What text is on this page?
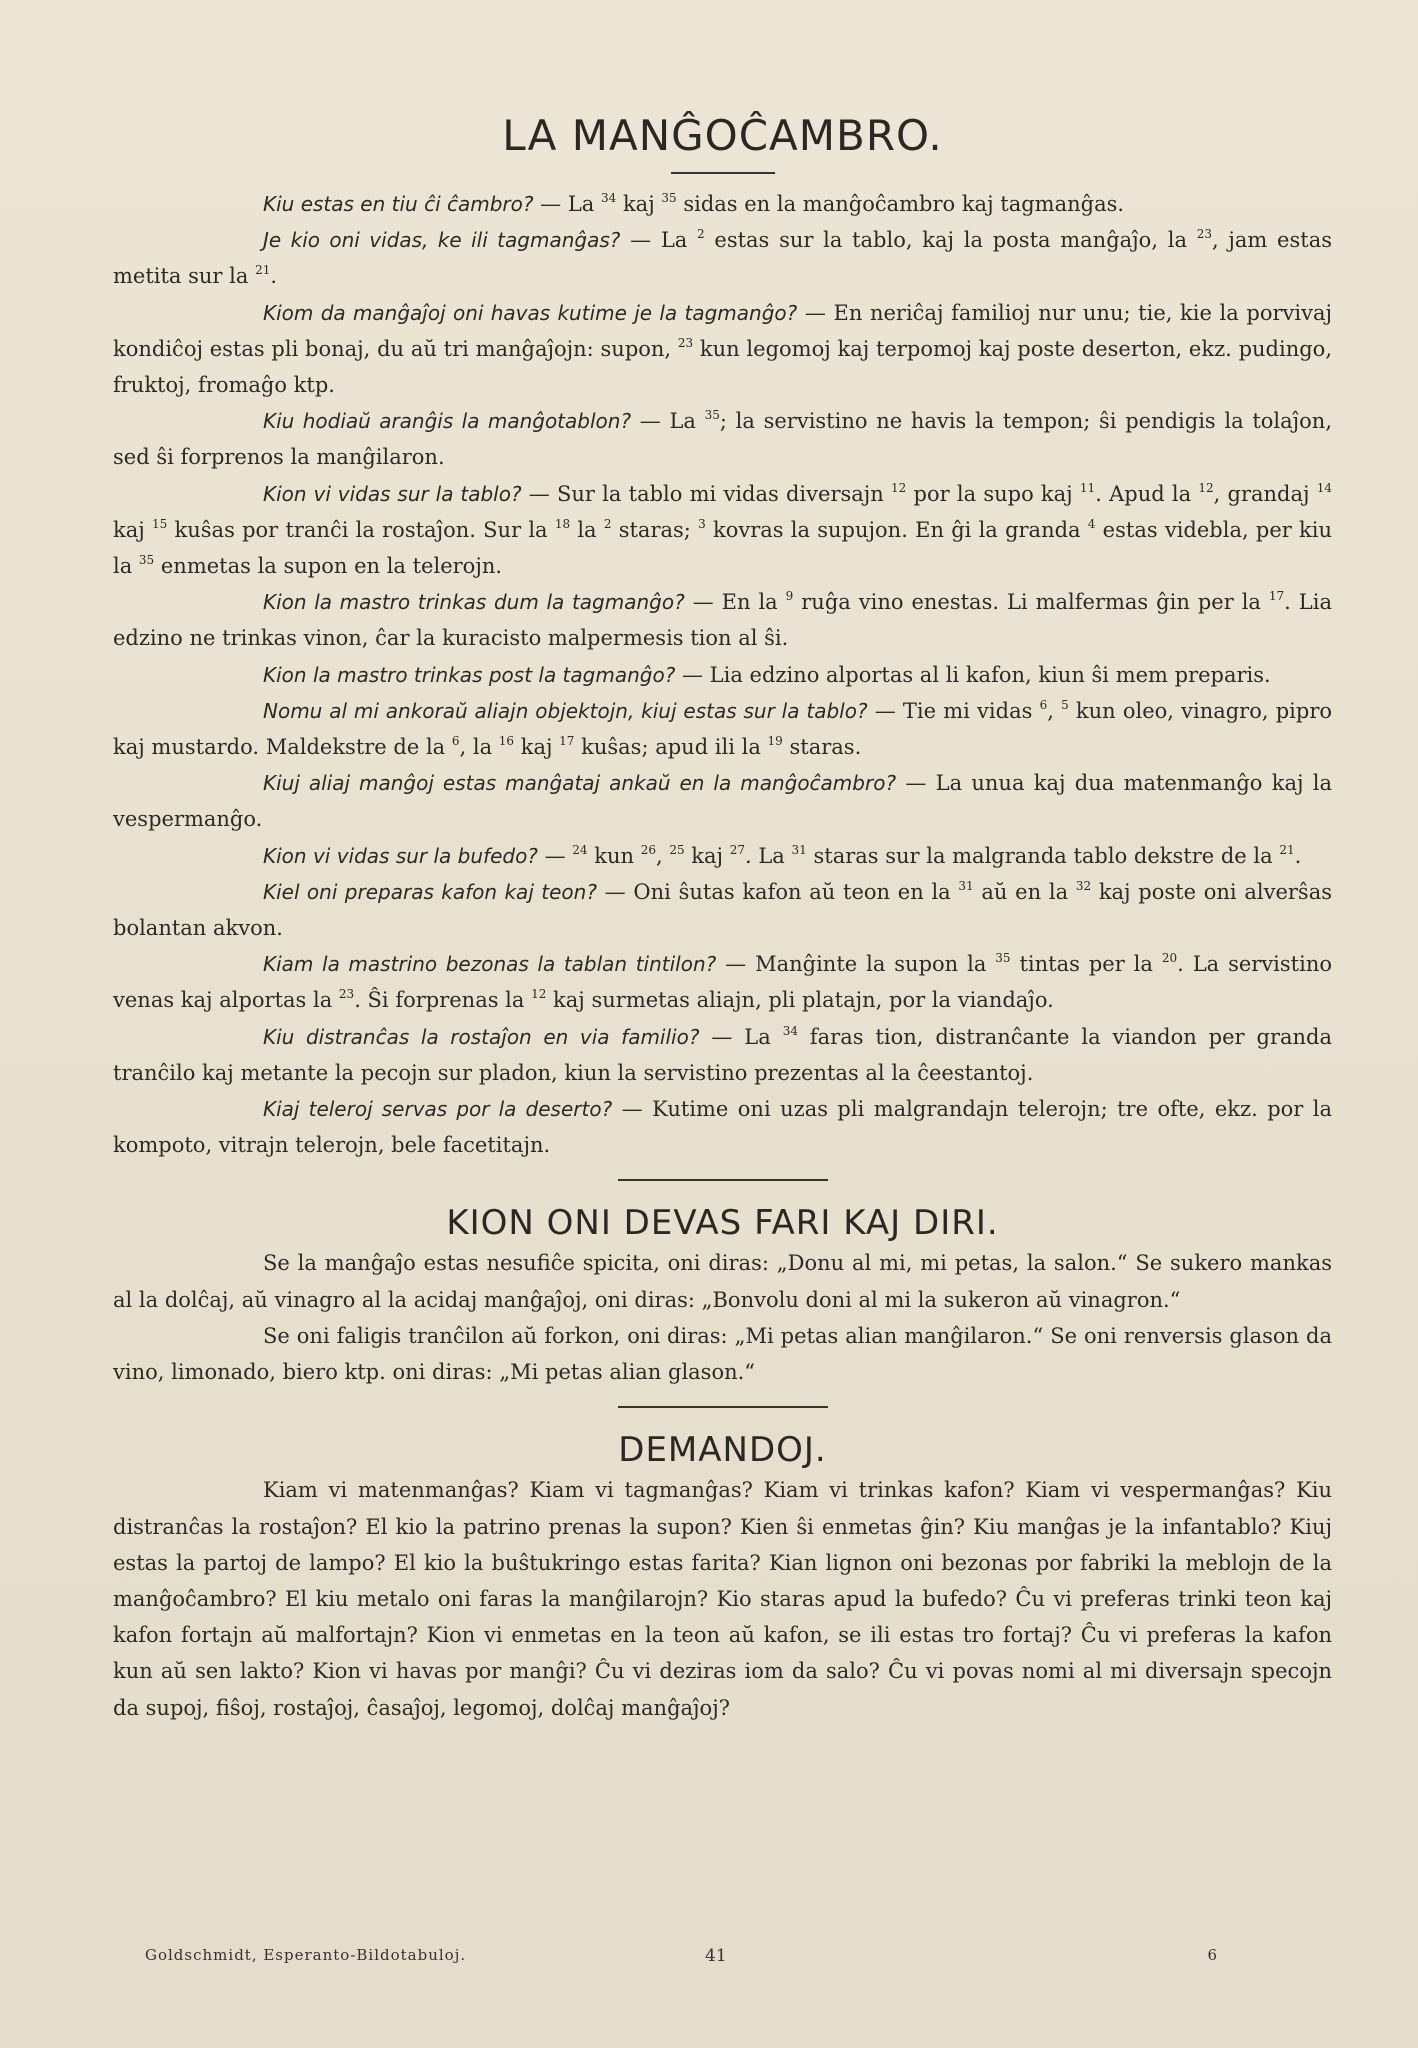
LA MANĜOĈAMBRO.

Kiu estas en tiu ĉi ĉambro? — La $^{34}$ kaj $^{35}$ sidas en la manĝoĉambro kaj tagmanĝas.

Je kio oni vidas, ke ili tagmanĝas? — La $^2$ estas sur la tablo, kaj la posta manĝaĵo, la $^{23}$, jam estas metita sur la $^{21}$.

Kiom da manĝaĵoj oni havas kutime je la tagmanĝo? — En neriĉaj familioj nur unu; tie, kie la porvivaj kondiĉoj estas pli bonaj, du aŭ tri manĝaĵojn: supon, $^{23}$ kun legomoj kaj terpomoj kaj poste deserton, ekz. pudingo, fruktoj, fromaĝo ktp.

Kiu hodiaŭ aranĝis la manĝotablon? — La $^{35}$; la servistino ne havis la tempon; ŝi pendigis la tolaĵon, sed ŝi forprenos la manĝilaron.

Kion vi vidas sur la tablo? — Sur la tablo mi vidas diversajn $^{12}$ por la supo kaj $^{11}$. Apud la $^{12}$, grandaj $^{14}$ kaj $^{15}$ kuŝas por tranĉi la rostaĵon. Sur la $^{18}$ la $^2$ staras; $^3$ kovras la supujon. En ĝi la granda $^4$ estas videbla, per kiu la $^{35}$ enmetas la supon en la telerojn.

Kion la mastro trinkas dum la tagmanĝo? — En la $^9$ ruĝa vino enestas. Li malfermas ĝin per la $^{17}$. Lia edzino ne trinkas vinon, ĉar la kuracisto malpermesis tion al ŝi.

Kion la mastro trinkas post la tagmanĝo? — Lia edzino alportas al li kafon, kiun ŝi mem preparis.

Nomu al mi ankoraŭ aliajn objektojn, kiuj estas sur la tablo? — Tie mi vidas $^6$, $^5$ kun oleo, vinagro, pipro kaj mustardo. Maldekstre de la $^6$, la $^{16}$ kaj $^{17}$ kuŝas; apud ili la $^{19}$ staras.

Kiuj aliaj manĝoj estas manĝataj ankaŭ en la manĝoĉambro? — La unua kaj dua matenmanĝo kaj la vespermanĝo.

Kion vi vidas sur la bufedo? — $^{24}$ kun $^{26}$, $^{25}$ kaj $^{27}$. La $^{31}$ staras sur la malgranda tablo dekstre de la $^{21}$.

Kiel oni preparas kafon kaj teon? — Oni ŝutas kafon aŭ teon en la $^{31}$ aŭ en la $^{32}$ kaj poste oni alverŝas bolantan akvon.

Kiam la mastrino bezonas la tablan tintilon? — Manĝinte la supon la $^{35}$ tintas per la $^{20}$. La servistino venas kaj alportas la $^{23}$. Ŝi forprenas la $^{12}$ kaj surmetas aliajn, pli platajn, por la viandaĵo.

Kiu distranĉas la rostaĵon en via familio? — La $^{34}$ faras tion, distranĉante la viandon per granda tranĉilo kaj metante la pecojn sur pladon, kiun la servistino prezentas al la ĉeestantoj.

Kiaj teleroj servas por la deserto? — Kutime oni uzas pli malgrandajn telerojn; tre ofte, ekz. por la kompoto, vitrajn telerojn, bele facetitajn.

KION ONI DEVAS FARI KAJ DIRI.

Se la manĝaĵo estas nesufiĉe spicita, oni diras: „Donu al mi, mi petas, la salon.“ Se sukero mankas al la dolĉaj, aŭ vinagro al la acidaj manĝaĵoj, oni diras: „Bonvolu doni al mi la sukeron aŭ vinagron.“

Se oni faligis tranĉilon aŭ forkon, oni diras: „Mi petas alian manĝilaron.“ Se oni renversis glason da vino, limonado, biero ktp. oni diras: „Mi petas alian glason.“

DEMANDOJ.

Kiam vi matenmanĝas? Kiam vi tagmanĝas? Kiam vi trinkas kafon? Kiam vi vespermanĝas? Kiu distranĉas la rostaĵon? El kio la patrino prenas la supon? Kien ŝi enmetas ĝin? Kiu manĝas je la infantablo? Kiuj estas la partoj de lampo? El kio la buŝtukringo estas farita? Kian lignon oni bezonas por fabriki la meblojn de la manĝoĉambro? El kiu metalo oni faras la manĝilarojn? Kio staras apud la bufedo? Ĉu vi preferas trinki teon kaj kafon fortajn aŭ malfortajn? Kion vi enmetas en la teon aŭ kafon, se ili estas tro fortaj? Ĉu vi preferas la kafon kun aŭ sen lakto? Kion vi havas por manĝi? Ĉu vi deziras iom da salo? Ĉu vi povas nomi al mi diversajn specojn da supoj, fiŝoj, rostaĵoj, ĉasaĵoj, legomoj, dolĉaj manĝaĵoj?

Goldschmidt, Esperanto-Bildotabuloj.	41	6
